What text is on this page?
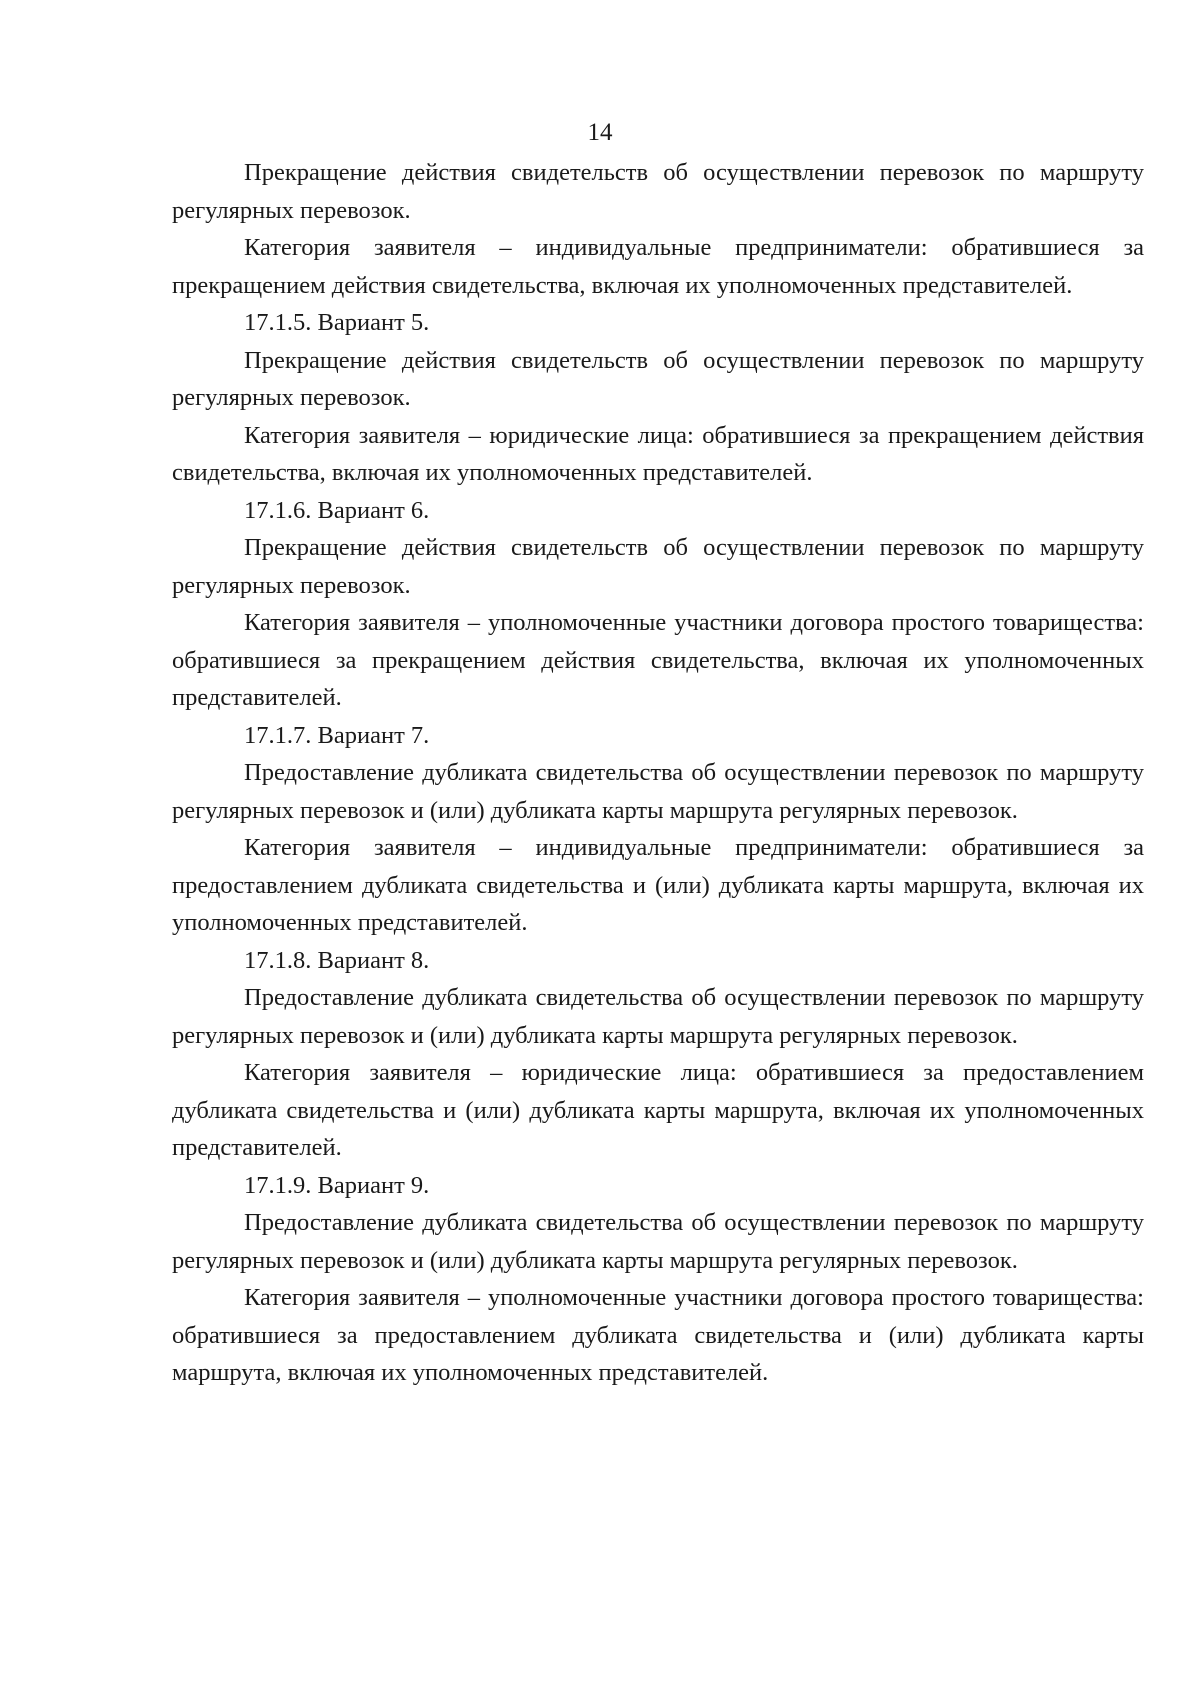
14

Прекращение действия свидетельств об осуществлении перевозок по маршруту регулярных перевозок.

Категория заявителя – индивидуальные предприниматели: обратившиеся за прекращением действия свидетельства, включая их уполномоченных представителей.

17.1.5. Вариант 5.

Прекращение действия свидетельств об осуществлении перевозок по маршруту регулярных перевозок.

Категория заявителя – юридические лица: обратившиеся за прекращением действия свидетельства, включая их уполномоченных представителей.

17.1.6. Вариант 6.

Прекращение действия свидетельств об осуществлении перевозок по маршруту регулярных перевозок.

Категория заявителя – уполномоченные участники договора простого товарищества: обратившиеся за прекращением действия свидетельства, включая их уполномоченных представителей.

17.1.7. Вариант 7.

Предоставление дубликата свидетельства об осуществлении перевозок по маршруту регулярных перевозок и (или) дубликата карты маршрута регулярных перевозок.

Категория заявителя – индивидуальные предприниматели: обратившиеся за предоставлением дубликата свидетельства и (или) дубликата карты маршрута, включая их уполномоченных представителей.

17.1.8. Вариант 8.

Предоставление дубликата свидетельства об осуществлении перевозок по маршруту регулярных перевозок и (или) дубликата карты маршрута регулярных перевозок.

Категория заявителя – юридические лица: обратившиеся за предоставлением дубликата свидетельства и (или) дубликата карты маршрута, включая их уполномоченных представителей.

17.1.9. Вариант 9.

Предоставление дубликата свидетельства об осуществлении перевозок по маршруту регулярных перевозок и (или) дубликата карты маршрута регулярных перевозок.

Категория заявителя – уполномоченные участники договора простого товарищества: обратившиеся за предоставлением дубликата свидетельства и (или) дубликата карты маршрута, включая их уполномоченных представителей.
